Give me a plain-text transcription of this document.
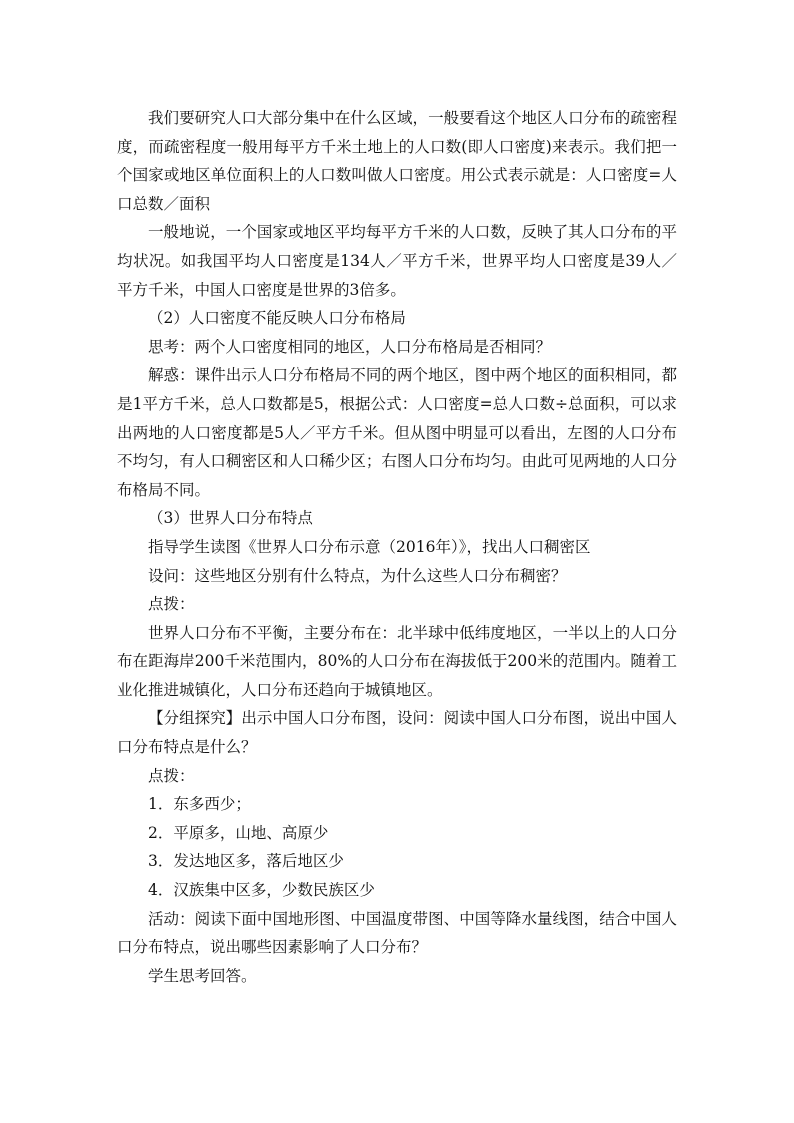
我们要研究人口大部分集中在什么区域，一般要看这个地区人口分布的疏密程度，而疏密程度一般用每平方千米土地上的人口数(即人口密度)来表示。我们把一个国家或地区单位面积上的人口数叫做人口密度。用公式表示就是：人口密度=人口总数／面积

一般地说，一个国家或地区平均每平方千米的人口数，反映了其人口分布的平均状况。如我国平均人口密度是134人／平方千米，世界平均人口密度是39人／平方千米，中国人口密度是世界的3倍多。

（2）人口密度不能反映人口分布格局

思考：两个人口密度相同的地区，人口分布格局是否相同？

解惑：课件出示人口分布格局不同的两个地区，图中两个地区的面积相同，都是1平方千米，总人口数都是5，根据公式：人口密度=总人口数÷总面积，可以求出两地的人口密度都是5人／平方千米。但从图中明显可以看出，左图的人口分布不均匀，有人口稠密区和人口稀少区；右图人口分布均匀。由此可见两地的人口分布格局不同。

（3）世界人口分布特点

指导学生读图《世界人口分布示意（2016年）》，找出人口稠密区

设问：这些地区分别有什么特点，为什么这些人口分布稠密？

点拨：

世界人口分布不平衡，主要分布在：北半球中低纬度地区，一半以上的人口分布在距海岸200千米范围内，80%的人口分布在海拔低于200米的范围内。随着工业化推进城镇化，人口分布还趋向于城镇地区。

【分组探究】出示中国人口分布图，设问：阅读中国人口分布图，说出中国人口分布特点是什么？

点拨：

1．东多西少；

2．平原多，山地、高原少

3．发达地区多，落后地区少

4．汉族集中区多，少数民族区少

活动：阅读下面中国地形图、中国温度带图、中国等降水量线图，结合中国人口分布特点，说出哪些因素影响了人口分布？

学生思考回答。
